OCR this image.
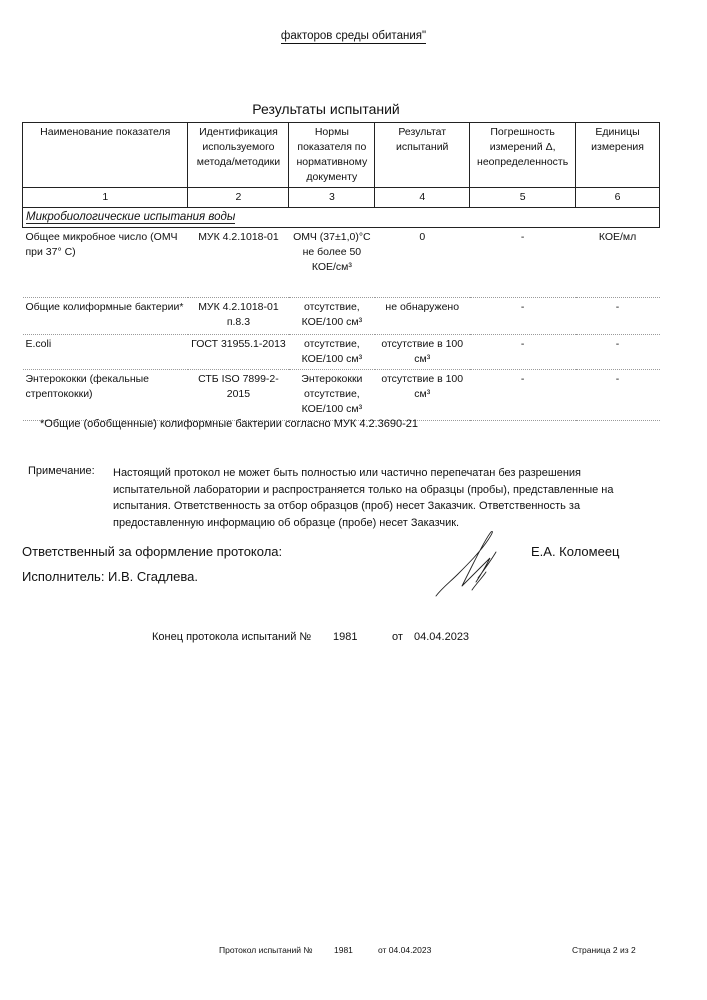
факторов среды обитания"
Результаты испытаний
Наименование показателя	Идентификация используемого метода/методики	Нормы показателя по нормативному документу	Результат испытаний	Погрешность измерений Δ, неопределенность	Единицы измерения
1	2	3	4	5	6
Микробиологические испытания воды					
Общее микробное число (ОМЧ при 37° С)	МУК 4.2.1018-01	ОМЧ (37±1,0)°С не более 50 КОЕ/см³	0	-	КОЕ/мл
Общие колиформные бактерии*	МУК 4.2.1018-01 п.8.3	отсутствие, КОЕ/100 см³	не обнаружено	-	-
E.coli	ГОСТ 31955.1-2013	отсутствие, КОЕ/100 см³	отсутствие в 100 см³	-	-
Энтерококки (фекальные стрептококки)	СТБ ISO 7899-2-2015	Энтерококки отсутствие, КОЕ/100 см³	отсутствие в 100 см³	-	-
*Общие (обобщенные) колиформные бактерии согласно МУК 4.2.3690-21
Примечание: Настоящий протокол не может быть полностью или частично перепечатан без разрешения испытательной лаборатории и распространяется только на образцы (пробы), представленные на испытания. Ответственность за отбор образцов (проб) несет Заказчик. Ответственность за предоставленную информацию об образце (пробе) несет Заказчик.
Ответственный за оформление протокола:	Е.А. Коломеец
Исполнитель: И.В. Сгадлева.
Конец протокола испытаний № 1981	от 04.04.2023
Протокол испытаний №	1981	от 04.04.2023	Страница 2 из 2
